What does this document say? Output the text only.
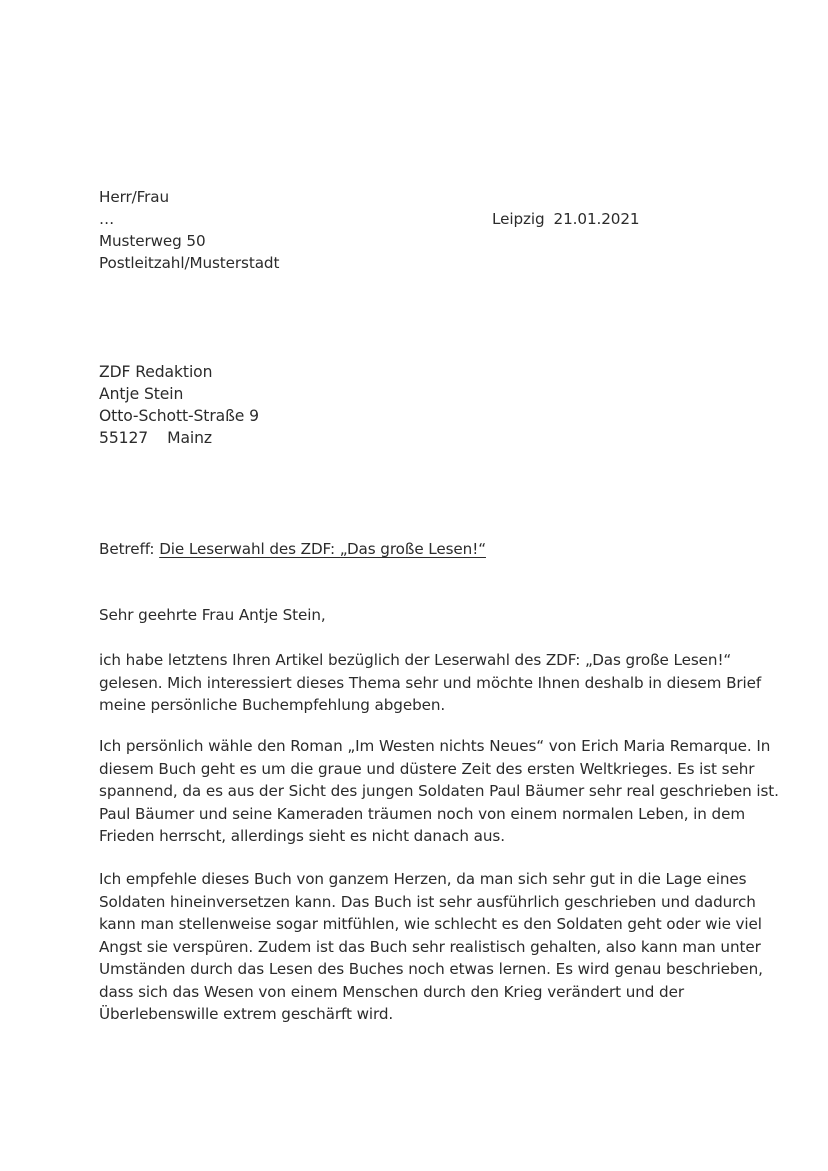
Herr/Frau
…
Musterweg 50
Postleitzahl/Musterstadt
Leipzig 21.01.2021
ZDF Redaktion
Antje Stein
Otto-Schott-Straße 9
55127 Mainz
Betreff: Die Leserwahl des ZDF: „Das große Lesen!“
Sehr geehrte Frau Antje Stein,
ich habe letztens Ihren Artikel bezüglich der Leserwahl des ZDF: „Das große Lesen!“
gelesen. Mich interessiert dieses Thema sehr und möchte Ihnen deshalb in diesem Brief
meine persönliche Buchempfehlung abgeben.
Ich persönlich wähle den Roman „Im Westen nichts Neues“ von Erich Maria Remarque. In
diesem Buch geht es um die graue und düstere Zeit des ersten Weltkrieges. Es ist sehr
spannend, da es aus der Sicht des jungen Soldaten Paul Bäumer sehr real geschrieben ist.
Paul Bäumer und seine Kameraden träumen noch von einem normalen Leben, in dem
Frieden herrscht, allerdings sieht es nicht danach aus.
Ich empfehle dieses Buch von ganzem Herzen, da man sich sehr gut in die Lage eines
Soldaten hineinversetzen kann. Das Buch ist sehr ausführlich geschrieben und dadurch
kann man stellenweise sogar mitfühlen, wie schlecht es den Soldaten geht oder wie viel
Angst sie verspüren. Zudem ist das Buch sehr realistisch gehalten, also kann man unter
Umständen durch das Lesen des Buches noch etwas lernen. Es wird genau beschrieben,
dass sich das Wesen von einem Menschen durch den Krieg verändert und der
Überlebenswille extrem geschärft wird.
